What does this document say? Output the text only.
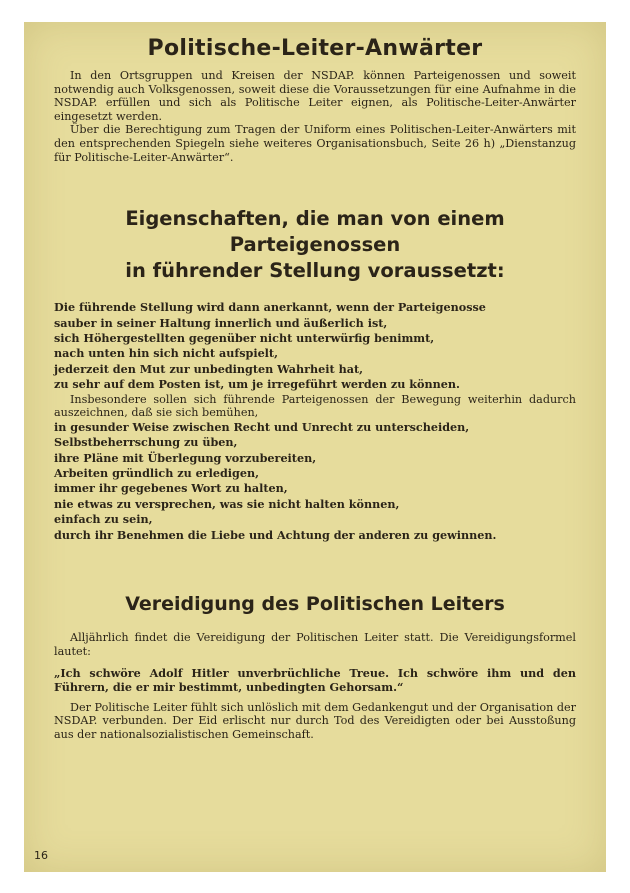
Politische-Leiter-Anwärter

In den Ortsgruppen und Kreisen der NSDAP. können Parteigenossen und soweit notwendig auch Volksgenossen, soweit diese die Voraussetzungen für eine Aufnahme in die NSDAP. erfüllen und sich als Politische Leiter eignen, als Politische-Leiter-Anwärter eingesetzt werden.

Über die Berechtigung zum Tragen der Uniform eines Politischen-Leiter-Anwärters mit den entsprechenden Spiegeln siehe weiteres Organisationsbuch, Seite 26 h) „Dienstanzug für Politische-Leiter-Anwärter“.

Eigenschaften, die man von einem Parteigenossen
in führender Stellung voraussetzt:
Die führende Stellung wird dann anerkannt, wenn der Parteigenosse
sauber in seiner Haltung innerlich und äußerlich ist,
sich Höhergestellten gegenüber nicht unterwürfig benimmt,
nach unten hin sich nicht aufspielt,
jederzeit den Mut zur unbedingten Wahrheit hat,
zu sehr auf dem Posten ist, um je irregeführt werden zu können.

Insbesondere sollen sich führende Parteigenossen der Bewegung weiterhin dadurch auszeichnen, daß sie sich bemühen,

in gesunder Weise zwischen Recht und Unrecht zu unterscheiden,
Selbstbeherrschung zu üben,
ihre Pläne mit Überlegung vorzubereiten,
Arbeiten gründlich zu erledigen,
immer ihr gegebenes Wort zu halten,
nie etwas zu versprechen, was sie nicht halten können,
einfach zu sein,
durch ihr Benehmen die Liebe und Achtung der anderen zu gewinnen.
Vereidigung des Politischen Leiters

Alljährlich findet die Vereidigung der Politischen Leiter statt. Die Vereidigungsformel lautet:

„Ich schwöre Adolf Hitler unverbrüchliche Treue. Ich schwöre ihm und den Führern, die er mir bestimmt, unbedingten Gehorsam.“

Der Politische Leiter fühlt sich unlöslich mit dem Gedankengut und der Organisation der NSDAP. verbunden. Der Eid erlischt nur durch Tod des Vereidigten oder bei Ausstoßung aus der nationalsozialistischen Gemeinschaft.

16
